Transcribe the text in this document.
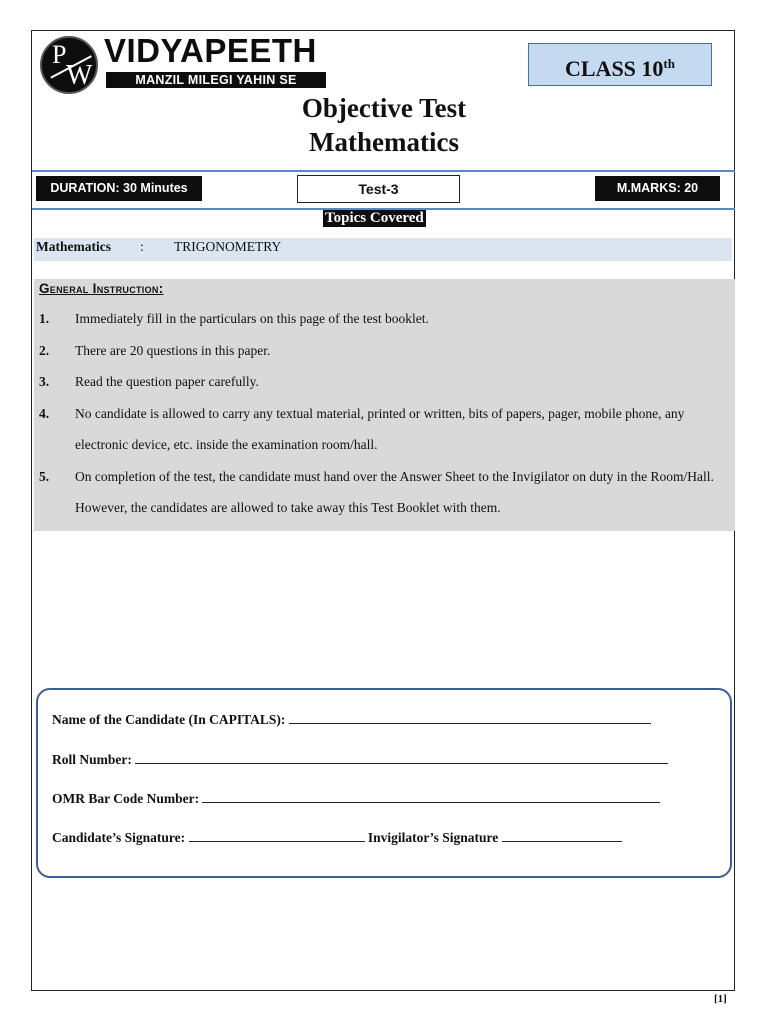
P
W
VIDYAPEETH
MANZIL MILEGI YAHIN SE	CLASS 10th
Objective Test
Mathematics
DURATION: 30 Minutes	Test-3	M.MARKS: 20
Topics Covered
Mathematics : TRIGONOMETRY
General Instruction:
1. Immediately fill in the particulars on this page of the test booklet.
2. There are 20 questions in this paper.
3. Read the question paper carefully.
4. No candidate is allowed to carry any textual material, printed or written, bits of papers, pager, mobile phone, any electronic device, etc. inside the examination room/hall.
5. On completion of the test, the candidate must hand over the Answer Sheet to the Invigilator on duty in the Room/Hall. However, the candidates are allowed to take away this Test Booklet with them.
Name of the Candidate (In CAPITALS):
Roll Number:
OMR Bar Code Number:
Candidate’s Signature:	Invigilator’s Signature
[1]
